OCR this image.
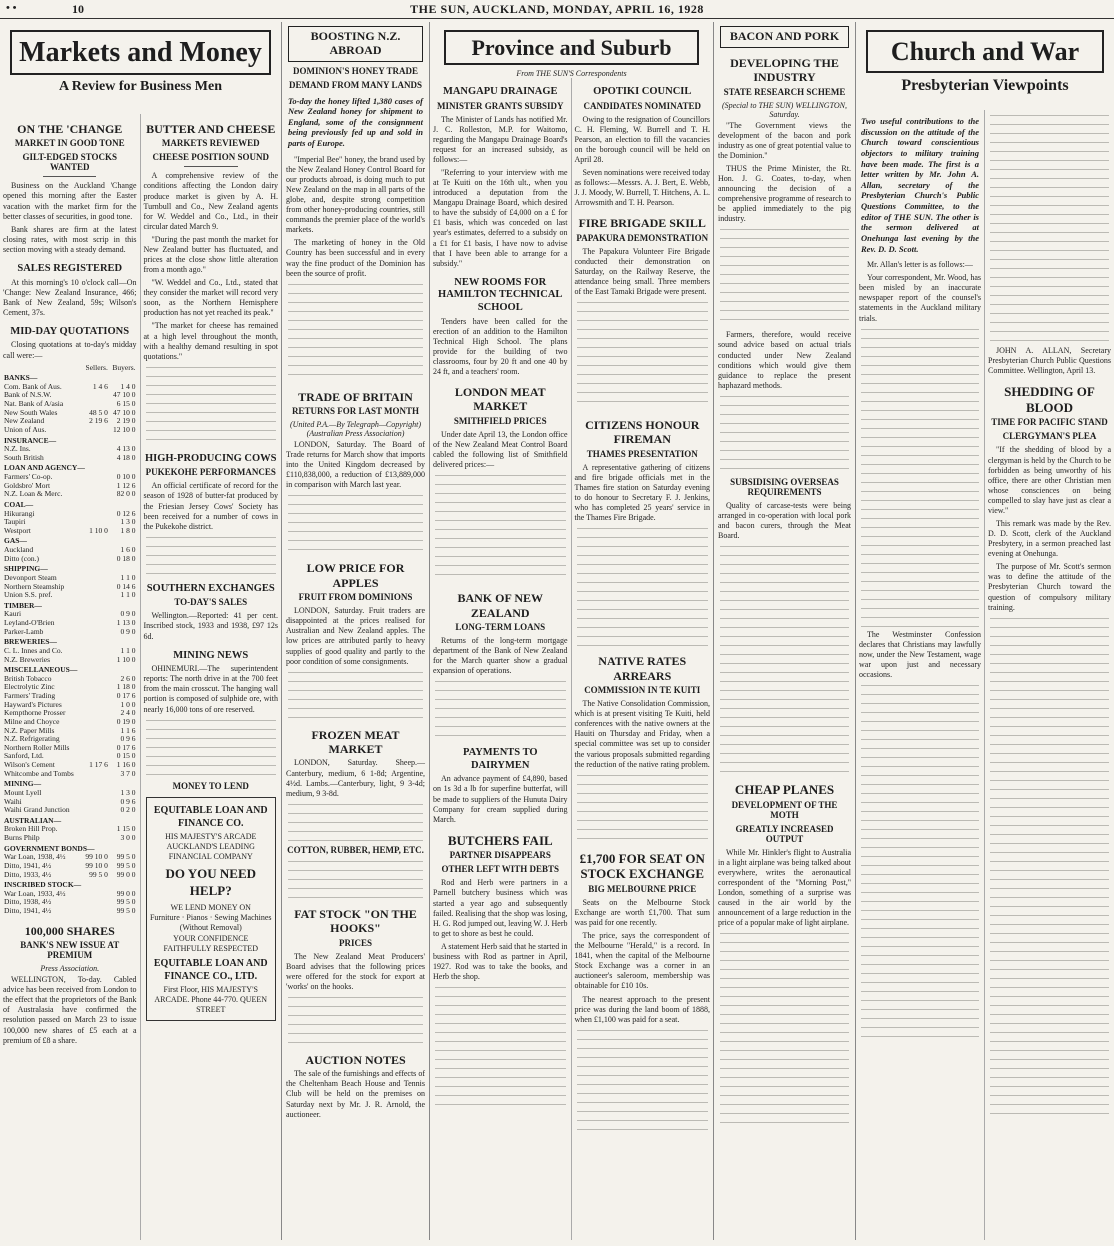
• •	10	THE SUN, AUCKLAND, MONDAY, APRIL 16, 1928
Markets and Money
A Review for Business Men
ON THE 'CHANGE
MARKET IN GOOD TONE
GILT-EDGED STOCKS WANTED

Business on the Auckland 'Change opened this morning after the Easter vacation with the market firm for the better classes of securities, in good tone.

Bank shares are firm at the latest closing rates, with most scrip in this section moving with a steady demand.

SALES REGISTERED

At this morning's 10 o'clock call—On 'Change: New Zealand Insurance, 466; Bank of New Zealand, 59s; Wilson's Cement, 37s.

MID-DAY QUOTATIONS

Closing quotations at to-day's midday call were:—

	Sellers.	Buyers.
BANKS—		
Com. Bank of Aus.	1 4 6	1 4 0
Bank of N.S.W.		47 10 0
Nat. Bank of A/asia		6 15 0
New South Wales	48 5 0	47 10 0
New Zealand	2 19 6	2 19 0
Union of Aus.		12 10 0
INSURANCE—		
N.Z. Ins.		4 13 0
South British		4 18 0
LOAN AND AGENCY—		
Farmers' Co-op.		0 10 0
Goldsbro' Mort		1 12 6
N.Z. Loan & Merc.		82 0 0
COAL—		
Hikurangi		0 12 6
Taupiri		1 3 0
Westport	1 10 0	1 8 0
GAS—		
Auckland		1 6 0
Ditto (con.)		0 18 0
SHIPPING—		
Devonport Steam		1 1 0
Northern Steamship		0 14 6
Union S.S. pref.		1 1 0
TIMBER—		
Kauri		0 9 0
Leyland-O'Brien		1 13 0
Parker-Lamb		0 9 0
BREWERIES—		
C. L. Innes and Co.		1 1 0
N.Z. Breweries		1 10 0
MISCELLANEOUS—		
British Tobacco		2 6 0
Electrolytic Zinc		1 18 0
Farmers' Trading		0 17 6
Hayward's Pictures		1 0 0
Kempthorne Prosser		2 4 0
Milne and Choyce		0 19 0
N.Z. Paper Mills		1 1 6
N.Z. Refrigerating		0 9 6
Northern Roller Mills		0 17 6
Sanford, Ltd.		0 15 0
Wilson's Cement	1 17 6	1 16 0
Whitcombe and Tombs		3 7 0
MINING—		
Mount Lyell		1 3 0
Waihi		0 9 6
Waihi Grand Junction		0 2 0
AUSTRALIAN—		
Broken Hill Prop.		1 15 0
Burns Philp		3 0 0
GOVERNMENT BONDS—		
War Loan, 1938, 4½	99 10 0	99 5 0
Ditto, 1941, 4½	99 10 0	99 5 0
Ditto, 1933, 4½	99 5 0	99 0 0
INSCRIBED STOCK—		
War Loan, 1933, 4½		99 0 0
Ditto, 1938, 4½		99 5 0
Ditto, 1941, 4½		99 5 0
100,000 SHARES
BANK'S NEW ISSUE AT PREMIUM
Press Association.

WELLINGTON, To-day. Cabled advice has been received from London to the effect that the proprietors of the Bank of Australasia have confirmed the resolution passed on March 23 to issue 100,000 new shares of £5 each at a premium of £8 a share.

BUTTER AND CHEESE
MARKETS REVIEWED
CHEESE POSITION SOUND

A comprehensive review of the conditions affecting the London dairy produce market is given by A. H. Turnbull and Co., New Zealand agents for W. Weddel and Co., Ltd., in their circular dated March 9.

"During the past month the market for New Zealand butter has fluctuated, and prices at the close show little alteration from a month ago."

"W. Weddel and Co., Ltd., stated that they consider the market will record very soon, as the Northern Hemisphere production has not yet reached its peak."

"The market for cheese has remained at a high level throughout the month, with a healthy demand resulting in spot quotations."

HIGH-PRODUCING COWS
PUKEKOHE PERFORMANCES

An official certificate of record for the season of 1928 of butter-fat produced by the Friesian Jersey Cows' Society has been received for a number of cows in the Pukekohe district.

SOUTHERN EXCHANGES
TO-DAY'S SALES

Wellington.—Reported: 41 per cent. Inscribed stock, 1933 and 1938, £97 12s 6d.

MINING NEWS

OHINEMURI.—The superintendent reports: The north drive in at the 700 feet from the main crosscut. The hanging wall portion is composed of sulphide ore, with nearly 16,000 tons of ore reserved.

MONEY TO LEND
EQUITABLE LOAN AND FINANCE CO.
HIS MAJESTY'S ARCADE
AUCKLAND'S LEADING FINANCIAL COMPANY
DO YOU NEED HELP?
WE LEND MONEY ON
Furniture · Pianos · Sewing Machines (Without Removal)
YOUR CONFIDENCE FAITHFULLY RESPECTED
EQUITABLE LOAN AND FINANCE CO., LTD.
First Floor, HIS MAJESTY'S ARCADE. Phone 44-770. QUEEN STREET
BOOSTING N.Z. ABROAD
DOMINION'S HONEY TRADE
DEMAND FROM MANY LANDS
To-day the honey lifted 1,380 cases of New Zealand honey for shipment to England, some of the consignment being previously fed up and sold in parts of Europe.

"Imperial Bee" honey, the brand used by the New Zealand Honey Control Board for our products abroad, is doing much to put New Zealand on the map in all parts of the globe, and, despite strong competition from other honey-producing countries, still commands the premier place of the world's markets.

The marketing of honey in the Old Country has been successful and in every way the fine product of the Dominion has been the source of profit.

TRADE OF BRITAIN
RETURNS FOR LAST MONTH
(United P.A.—By Telegraph—Copyright) (Australian Press Association)

LONDON, Saturday. The Board of Trade returns for March show that imports into the United Kingdom decreased by £110,838,000, a reduction of £13,889,000 in comparison with March last year.

LOW PRICE FOR APPLES
FRUIT FROM DOMINIONS

LONDON, Saturday. Fruit traders are disappointed at the prices realised for Australian and New Zealand apples. The low prices are attributed partly to heavy supplies of good quality and partly to the poor condition of some consignments.

FROZEN MEAT MARKET

LONDON, Saturday. Sheep.—Canterbury, medium, 6 1-8d; Argentine, 4½d. Lambs.—Canterbury, light, 9 3-4d; medium, 9 3-8d.

COTTON, RUBBER, HEMP, ETC.
FAT STOCK "ON THE HOOKS"
PRICES

The New Zealand Meat Producers' Board advises that the following prices were offered for the stock for export at 'works' on the hooks.

AUCTION NOTES

The sale of the furnishings and effects of the Cheltenham Beach House and Tennis Club will be held on the premises on Saturday next by Mr. J. R. Arnold, the auctioneer.

Province and Suburb
From THE SUN'S Correspondents
MANGAPU DRAINAGE
MINISTER GRANTS SUBSIDY

The Minister of Lands has notified Mr. J. C. Rolleston, M.P. for Waitomo, regarding the Mangapu Drainage Board's request for an increased subsidy, as follows:—

"Referring to your interview with me at Te Kuiti on the 16th ult., when you introduced a deputation from the Mangapu Drainage Board, which desired to have the subsidy of £4,000 on a £ for £1 basis, which was conceded on last year's estimates, deferred to a subsidy on a £1 for £1 basis, I have now to advise that I have been able to arrange for a subsidy."

NEW ROOMS FOR HAMILTON TECHNICAL SCHOOL

Tenders have been called for the erection of an addition to the Hamilton Technical High School. The plans provide for the building of two classrooms, four by 20 ft and one 40 by 24 ft, and a teachers' room.

LONDON MEAT MARKET
SMITHFIELD PRICES

Under date April 13, the London office of the New Zealand Meat Control Board cabled the following list of Smithfield delivered prices:—

BANK OF NEW ZEALAND
LONG-TERM LOANS

Returns of the long-term mortgage department of the Bank of New Zealand for the March quarter show a gradual expansion of operations.

PAYMENTS TO DAIRYMEN

An advance payment of £4,890, based on 1s 3d a lb for superfine butterfat, will be made to suppliers of the Hunuta Dairy Company for cream supplied during March.

BUTCHERS FAIL
PARTNER DISAPPEARS
OTHER LEFT WITH DEBTS

Rod and Herb were partners in a Parnell butchery business which was started a year ago and subsequently failed. Realising that the shop was losing, H. G. Rod jumped out, leaving W. J. Herb to get to shore as best he could.

A statement Herb said that he started in business with Rod as partner in April, 1927. Rod was to take the books, and Herb the shop.

OPOTIKI COUNCIL
CANDIDATES NOMINATED

Owing to the resignation of Councillors C. H. Fleming, W. Burrell and T. H. Pearson, an election to fill the vacancies on the borough council will be held on April 28.

Seven nominations were received today as follows:—Messrs. A. J. Bert, E. Webb, J. J. Moody, W. Burrell, T. Hitchens, A. L. Arrowsmith and T. H. Pearson.

FIRE BRIGADE SKILL
PAPAKURA DEMONSTRATION

The Papakura Volunteer Fire Brigade conducted their demonstration on Saturday, on the Railway Reserve, the attendance being small. Three members of the East Tamaki Brigade were present.

CITIZENS HONOUR FIREMAN
THAMES PRESENTATION

A representative gathering of citizens and fire brigade officials met in the Thames fire station on Saturday evening to do honour to Secretary F. J. Jenkins, who has completed 25 years' service in the Thames Fire Brigade.

NATIVE RATES ARREARS
COMMISSION IN TE KUITI

The Native Consolidation Commission, which is at present visiting Te Kuiti, held conferences with the native owners at the Hauiti on Thursday and Friday, when a special committee was set up to consider the various proposals submitted regarding the reduction of the native rating problem.

£1,700 FOR SEAT ON STOCK EXCHANGE
BIG MELBOURNE PRICE

Seats on the Melbourne Stock Exchange are worth £1,700. That sum was paid for one recently.

The price, says the correspondent of the Melbourne "Herald," is a record. In 1841, when the capital of the Melbourne Stock Exchange was a corner in an auctioneer's saleroom, membership was obtainable for £10 10s.

The nearest approach to the present price was during the land boom of 1888, when £1,100 was paid for a seat.

BACON AND PORK
DEVELOPING THE INDUSTRY
STATE RESEARCH SCHEME
(Special to THE SUN) WELLINGTON, Saturday.

"The Government views the development of the bacon and pork industry as one of great potential value to the Dominion."

THUS the Prime Minister, the Rt. Hon. J. G. Coates, to-day, when announcing the decision of a comprehensive programme of research to be applied immediately to the pig industry.

Farmers, therefore, would receive sound advice based on actual trials conducted under New Zealand conditions which would give them guidance to replace the present haphazard methods.

SUBSIDISING OVERSEAS REQUIREMENTS

Quality of carcase-tests were being arranged in co-operation with local pork and bacon curers, through the Meat Board.

CHEAP PLANES
DEVELOPMENT OF THE MOTH
GREATLY INCREASED OUTPUT

While Mr. Hinkler's flight to Australia in a light airplane was being talked about everywhere, writes the aeronautical correspondent of the "Morning Post," London, something of a surprise was caused in the air world by the announcement of a large reduction in the price of a popular make of light airplane.

Church and War
Presbyterian Viewpoints
Two useful contributions to the discussion on the attitude of the Church toward conscientious objectors to military training have been made. The first is a letter written by Mr. John A. Allan, secretary of the Presbyterian Church's Public Questions Committee, to the editor of THE SUN. The other is the sermon delivered at Onehunga last evening by the Rev. D. D. Scott.

Mr. Allan's letter is as follows:—

Your correspondent, Mr. Wood, has been misled by an inaccurate newspaper report of the counsel's statements in the Auckland military trials.

The Westminster Confession declares that Christians may lawfully now, under the New Testament, wage war upon just and necessary occasions.

JOHN A. ALLAN, Secretary Presbyterian Church Public Questions Committee. Wellington, April 13.

SHEDDING OF BLOOD
TIME FOR PACIFIC STAND
CLERGYMAN'S PLEA

"If the shedding of blood by a clergyman is held by the Church to be forbidden as being unworthy of his office, there are other Christian men whose consciences on being compelled to slay have just as clear a view."

This remark was made by the Rev. D. D. Scott, clerk of the Auckland Presbytery, in a sermon preached last evening at Onehunga.

The purpose of Mr. Scott's sermon was to define the attitude of the Presbyterian Church toward the question of compulsory military training.
